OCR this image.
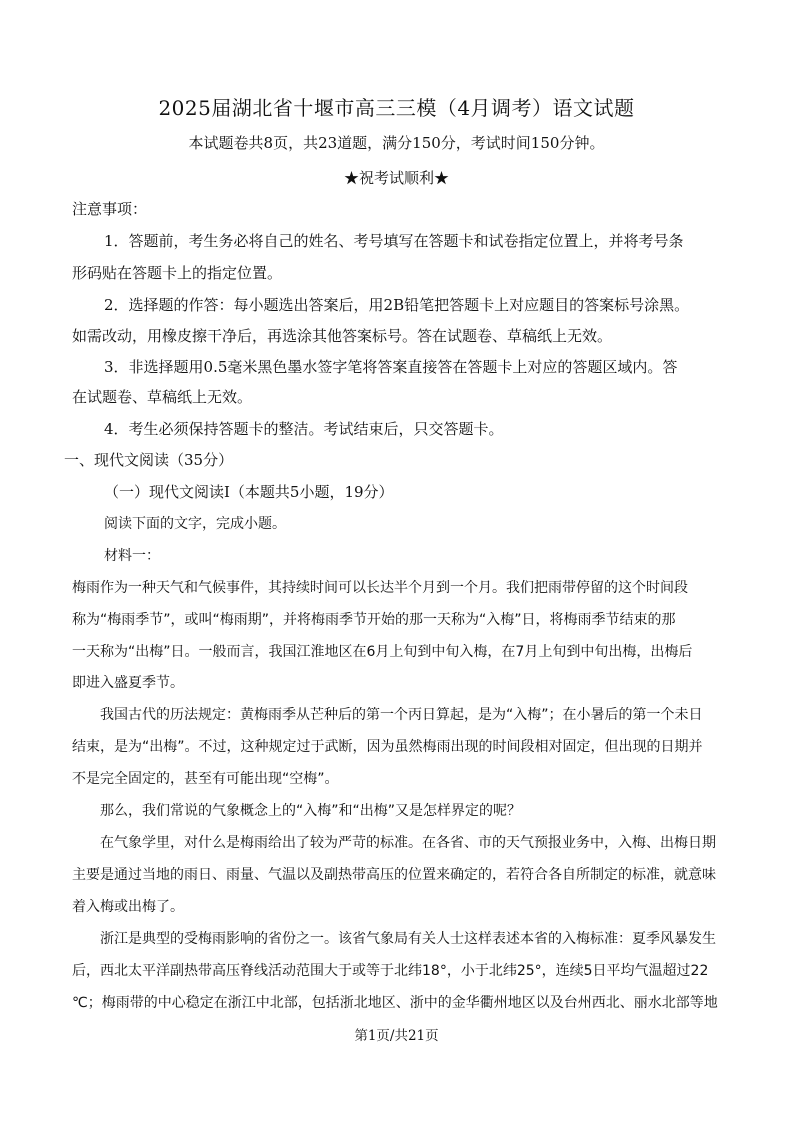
2025届湖北省十堰市高三三模（4月调考）语文试题
本试题卷共8页，共23道题，满分150分，考试时间150分钟。
★祝考试顺利★
注意事项：
1．答题前，考生务必将自己的姓名、考号填写在答题卡和试卷指定位置上，并将考号条
形码贴在答题卡上的指定位置。
2．选择题的作答：每小题选出答案后，用2B铅笔把答题卡上对应题目的答案标号涂黑。
如需改动，用橡皮擦干净后，再选涂其他答案标号。答在试题卷、草稿纸上无效。
3．非选择题用0.5毫米黑色墨水签字笔将答案直接答在答题卡上对应的答题区域内。答
在试题卷、草稿纸上无效。
4．考生必须保持答题卡的整洁。考试结束后，只交答题卡。
一、现代文阅读（35分）
（一）现代文阅读Ⅰ（本题共5小题，19分）
阅读下面的文字，完成小题。
材料一：
梅雨作为一种天气和气候事件，其持续时间可以长达半个月到一个月。我们把雨带停留的这个时间段
称为“梅雨季节”，或叫“梅雨期”，并将梅雨季节开始的那一天称为“入梅”日，将梅雨季节结束的那
一天称为“出梅”日。一般而言，我国江淮地区在6月上旬到中旬入梅，在7月上旬到中旬出梅，出梅后
即进入盛夏季节。
我国古代的历法规定：黄梅雨季从芒种后的第一个丙日算起，是为“入梅”；在小暑后的第一个未日
结束，是为“出梅”。不过，这种规定过于武断，因为虽然梅雨出现的时间段相对固定，但出现的日期并
不是完全固定的，甚至有可能出现“空梅”。
那么，我们常说的气象概念上的“入梅”和“出梅”又是怎样界定的呢？
在气象学里，对什么是梅雨给出了较为严苛的标准。在各省、市的天气预报业务中，入梅、出梅日期
主要是通过当地的雨日、雨量、气温以及副热带高压的位置来确定的，若符合各自所制定的标准，就意味
着入梅或出梅了。
浙江是典型的受梅雨影响的省份之一。该省气象局有关人士这样表述本省的入梅标准：夏季风暴发生
后，西北太平洋副热带高压脊线活动范围大于或等于北纬18°，小于北纬25°，连续5日平均气温超过22
℃；梅雨带的中心稳定在浙江中北部，包括浙北地区、浙中的金华衢州地区以及台州西北、丽水北部等地
第1页/共21页
